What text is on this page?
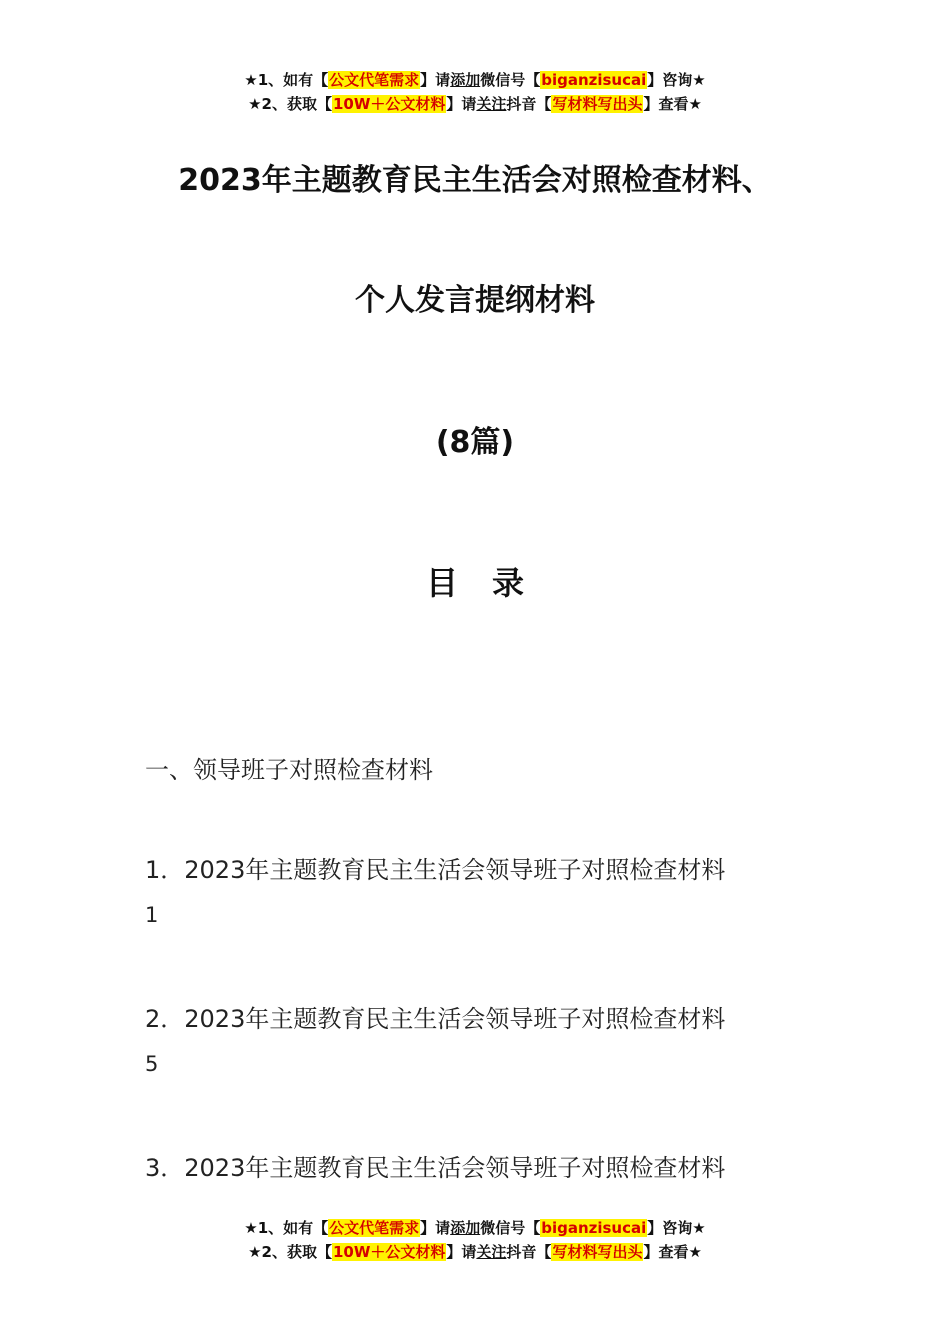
★1、如有【公文代笔需求】请添加微信号【biganzisucai】咨询★
★2、获取【10W＋公文材料】请关注抖音【写材料写出头】查看★
2023年主题教育民主生活会对照检查材料、
个人发言提纲材料
(8篇)
目录
一、领导班子对照检查材料
1．2023年主题教育民主生活会领导班子对照检查材料
1
2．2023年主题教育民主生活会领导班子对照检查材料
5
3．2023年主题教育民主生活会领导班子对照检查材料
★1、如有【公文代笔需求】请添加微信号【biganzisucai】咨询★
★2、获取【10W＋公文材料】请关注抖音【写材料写出头】查看★
